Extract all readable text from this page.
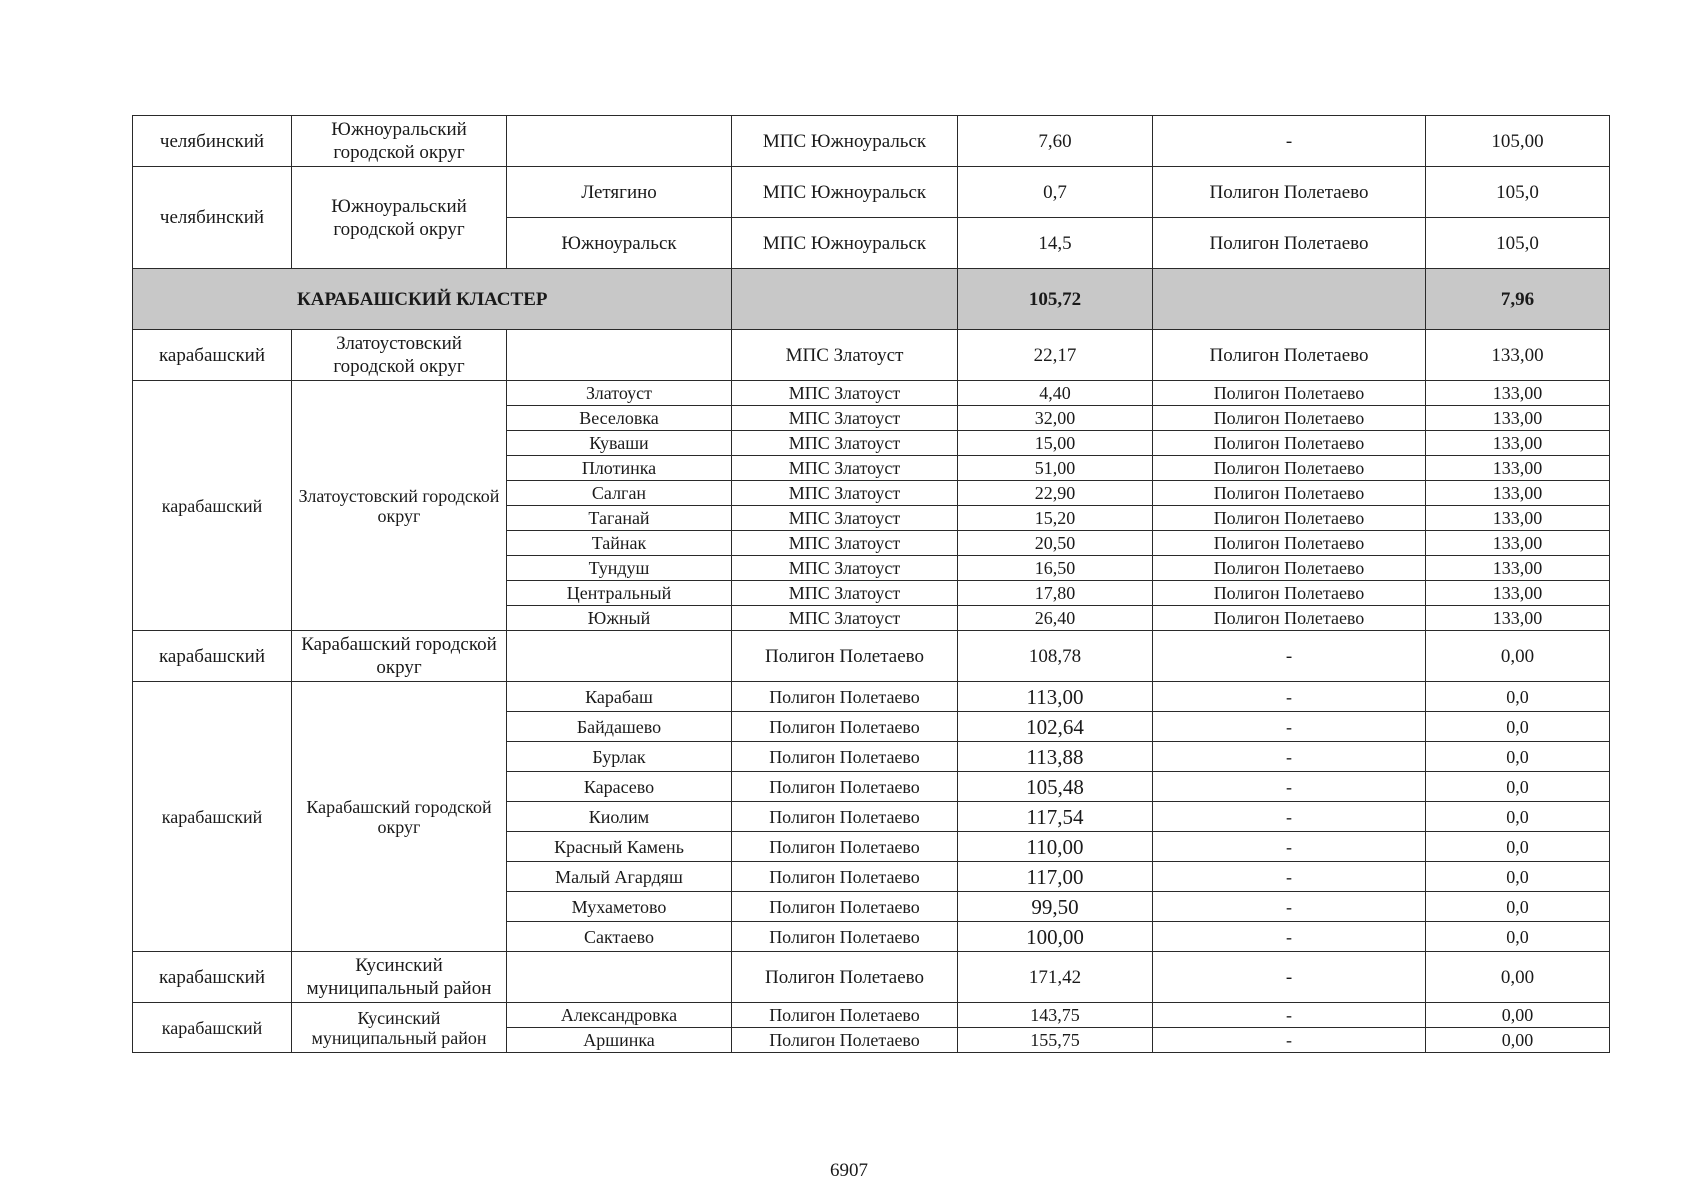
челябинский	Южноуральский городской округ		МПС Южноуральск	7,60	-	105,00
челябинский	Южноуральский городской округ	Летягино	МПС Южноуральск	0,7	Полигон Полетаево	105,0
		Южноуральск	МПС Южноуральск	14,5	Полигон Полетаево	105,0
КАРАБАШСКИЙ КЛАСТЕР				105,72		7,96
карабашский	Златоустовский городской округ		МПС Златоуст	22,17	Полигон Полетаево	133,00
карабашский	Златоустовский городской округ	Златоуст	МПС Златоуст	4,40	Полигон Полетаево	133,00
		Веселовка	МПС Златоуст	32,00	Полигон Полетаево	133,00
		Куваши	МПС Златоуст	15,00	Полигон Полетаево	133,00
		Плотинка	МПС Златоуст	51,00	Полигон Полетаево	133,00
		Салган	МПС Златоуст	22,90	Полигон Полетаево	133,00
		Таганай	МПС Златоуст	15,20	Полигон Полетаево	133,00
		Тайнак	МПС Златоуст	20,50	Полигон Полетаево	133,00
		Тундуш	МПС Златоуст	16,50	Полигон Полетаево	133,00
		Центральный	МПС Златоуст	17,80	Полигон Полетаево	133,00
		Южный	МПС Златоуст	26,40	Полигон Полетаево	133,00
карабашский	Карабашский городской округ		Полигон Полетаево	108,78	-	0,00
карабашский	Карабашский городской округ	Карабаш	Полигон Полетаево	113,00	-	0,0
		Байдашево	Полигон Полетаево	102,64	-	0,0
		Бурлак	Полигон Полетаево	113,88	-	0,0
		Карасево	Полигон Полетаево	105,48	-	0,0
		Киолим	Полигон Полетаево	117,54	-	0,0
		Красный Камень	Полигон Полетаево	110,00	-	0,0
		Малый Агардяш	Полигон Полетаево	117,00	-	0,0
		Мухаметово	Полигон Полетаево	99,50	-	0,0
		Сактаево	Полигон Полетаево	100,00	-	0,0
карабашский	Кусинский муниципальный район		Полигон Полетаево	171,42	-	0,00
карабашский	Кусинский муниципальный район	Александровка	Полигон Полетаево	143,75	-	0,00
		Аршинка	Полигон Полетаево	155,75	-	0,00
6907
